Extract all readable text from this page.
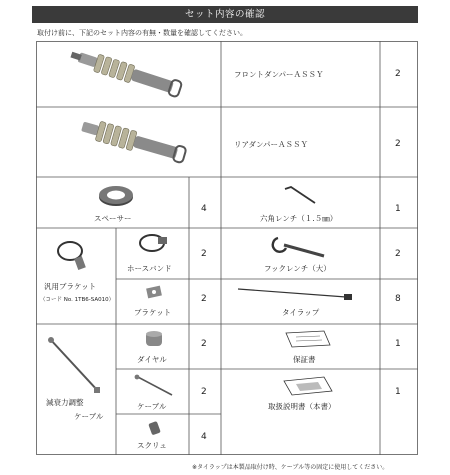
セット内容の確認
取付け前に、下記のセット内容の有無・数量を確認してください。
フロントダンパーＡＳＳＹ	2
リアダンパーＡＳＳＹ	2
スペーサー
4
六角レンチ（１.５㎜）
1
汎用ブラケット
（コード No. 1TB6-SA010）
ホースバンド
2
フックレンチ（大）
2
ブラケット
2
タイラップ
8
減衰力調整
ケーブル
ダイヤル
2
保証書
1
ケーブル
2
取扱説明書（本書）
1
スクリュ
4
※タイラップは本製品取付け時、ケーブル等の固定に使用してください。
